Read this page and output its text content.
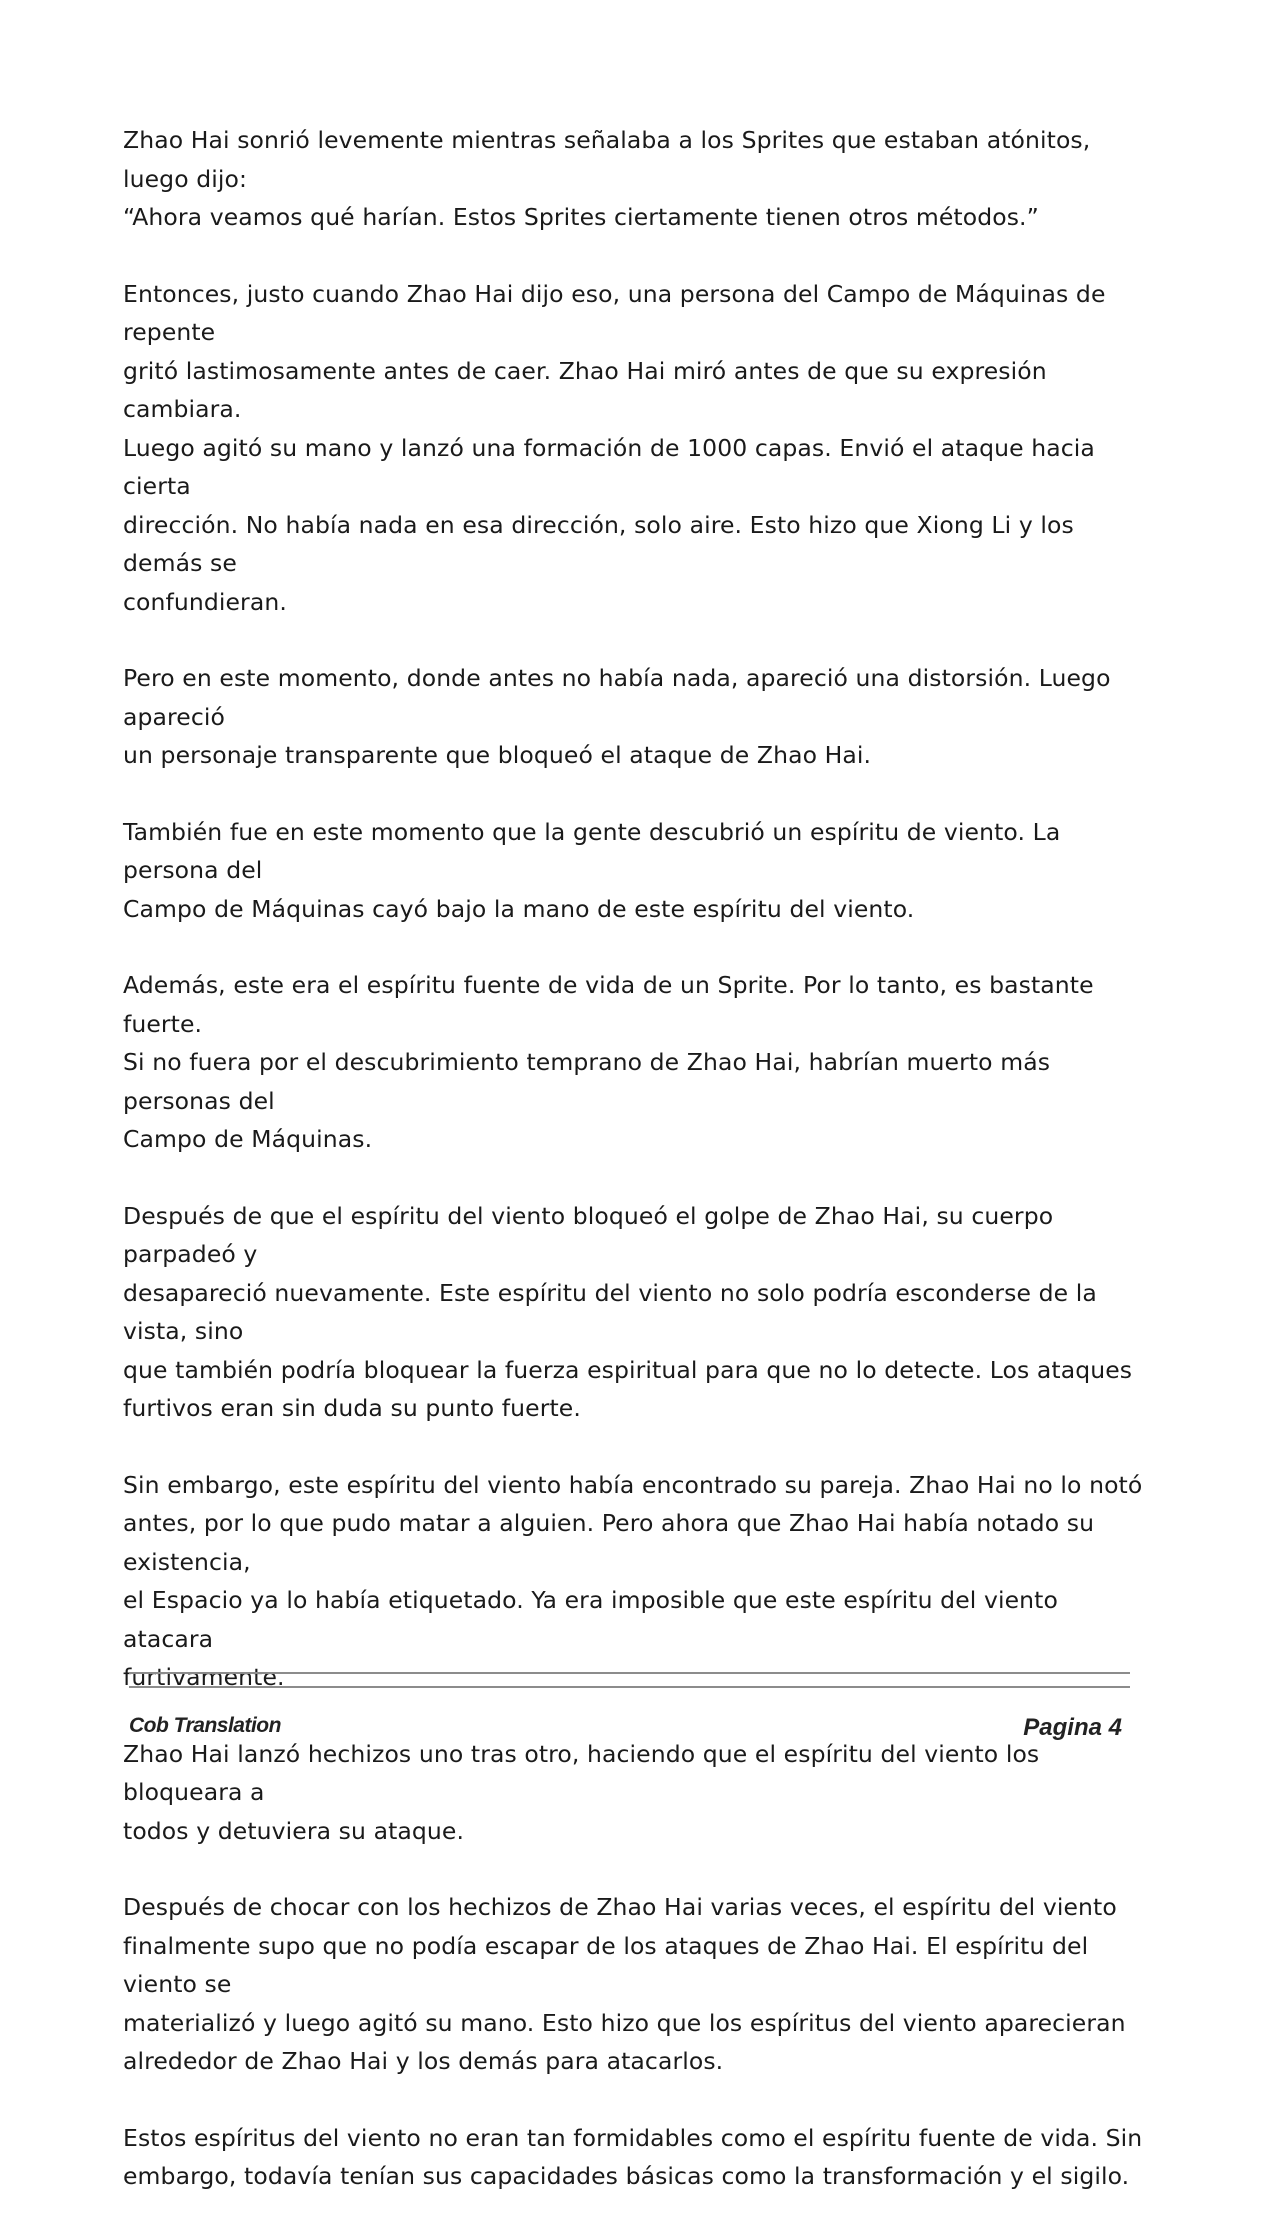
Zhao Hai sonrió levemente mientras señalaba a los Sprites que estaban atónitos, luego dijo:
“Ahora veamos qué harían. Estos Sprites ciertamente tienen otros métodos.”

Entonces, justo cuando Zhao Hai dijo eso, una persona del Campo de Máquinas de repente
gritó lastimosamente antes de caer. Zhao Hai miró antes de que su expresión cambiara.
Luego agitó su mano y lanzó una formación de 1000 capas. Envió el ataque hacia cierta
dirección. No había nada en esa dirección, solo aire. Esto hizo que Xiong Li y los demás se
confundieran.

Pero en este momento, donde antes no había nada, apareció una distorsión. Luego apareció
un personaje transparente que bloqueó el ataque de Zhao Hai.

También fue en este momento que la gente descubrió un espíritu de viento. La persona del
Campo de Máquinas cayó bajo la mano de este espíritu del viento.

Además, este era el espíritu fuente de vida de un Sprite. Por lo tanto, es bastante fuerte.
Si no fuera por el descubrimiento temprano de Zhao Hai, habrían muerto más personas del
Campo de Máquinas.

Después de que el espíritu del viento bloqueó el golpe de Zhao Hai, su cuerpo parpadeó y
desapareció nuevamente. Este espíritu del viento no solo podría esconderse de la vista, sino
que también podría bloquear la fuerza espiritual para que no lo detecte. Los ataques
furtivos eran sin duda su punto fuerte.

Sin embargo, este espíritu del viento había encontrado su pareja. Zhao Hai no lo notó
antes, por lo que pudo matar a alguien. Pero ahora que Zhao Hai había notado su existencia,
el Espacio ya lo había etiquetado. Ya era imposible que este espíritu del viento atacara
furtivamente.

Zhao Hai lanzó hechizos uno tras otro, haciendo que el espíritu del viento los bloqueara a
todos y detuviera su ataque.

Después de chocar con los hechizos de Zhao Hai varias veces, el espíritu del viento
finalmente supo que no podía escapar de los ataques de Zhao Hai. El espíritu del viento se
materializó y luego agitó su mano. Esto hizo que los espíritus del viento aparecieran
alrededor de Zhao Hai y los demás para atacarlos.

Estos espíritus del viento no eran tan formidables como el espíritu fuente de vida. Sin
embargo, todavía tenían sus capacidades básicas como la transformación y el sigilo.

Cob Translation	Pagina 4
